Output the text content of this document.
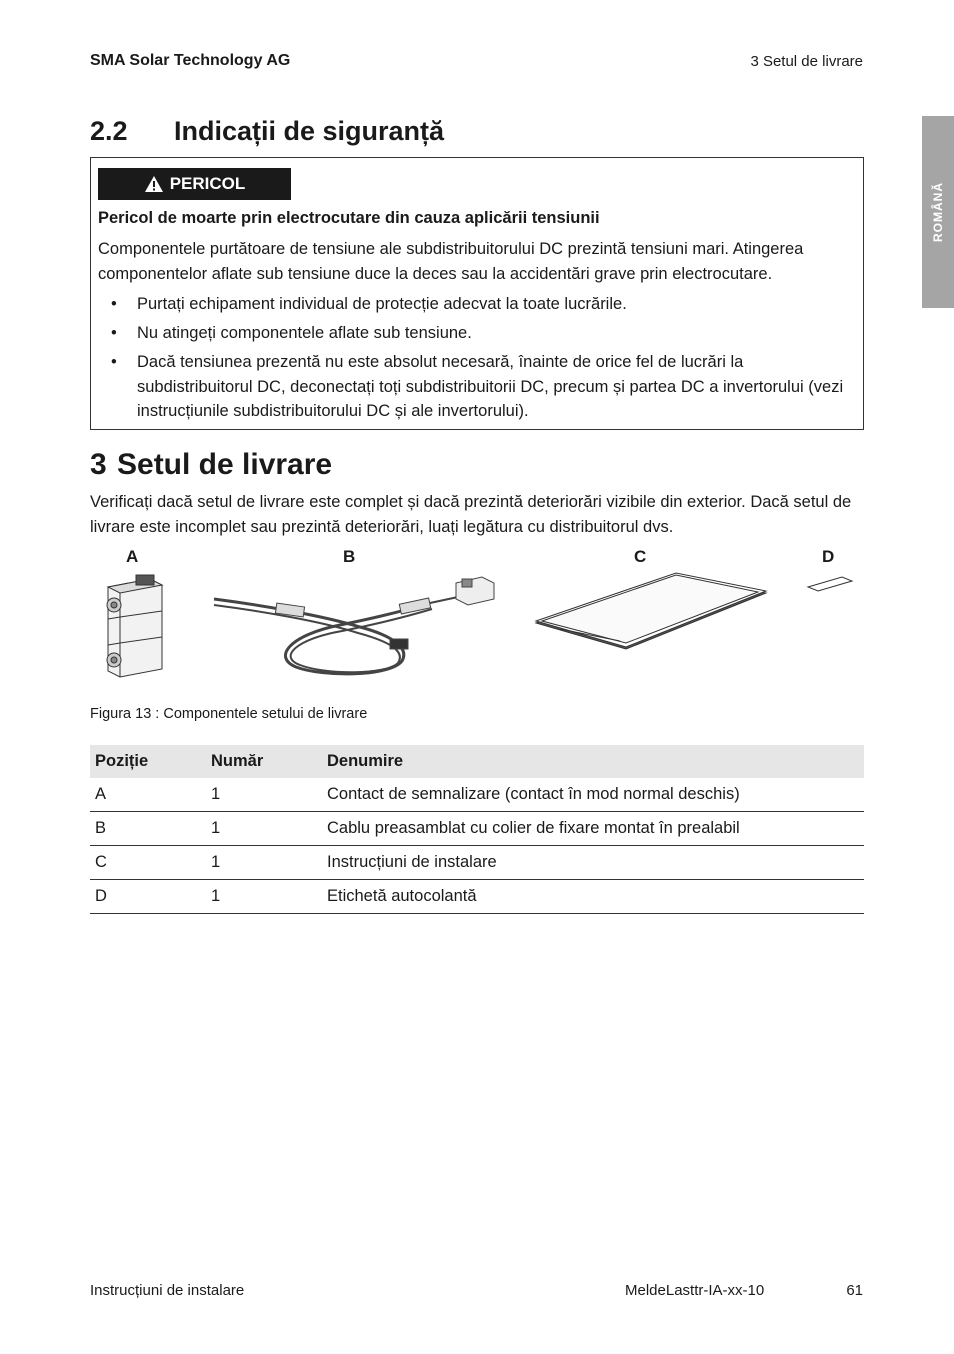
SMA Solar Technology AG	3 Setul de livrare
ROMÂNĂ
2.2 Indicații de siguranță
PERICOL
Pericol de moarte prin electrocutare din cauza aplicării tensiunii
Componentele purtătoare de tensiune ale subdistribuitorului DC prezintă tensiuni mari. Atingerea componentelor aflate sub tensiune duce la deces sau la accidentări grave prin electrocutare.
• Purtați echipament individual de protecție adecvat la toate lucrările.
• Nu atingeți componentele aflate sub tensiune.
• Dacă tensiunea prezentă nu este absolut necesară, înainte de orice fel de lucrări la subdistribuitorul DC, deconectați toți subdistribuitorii DC, precum și partea DC a invertorului (vezi instrucțiunile subdistribuitorului DC și ale invertorului).
3 Setul de livrare
Verificați dacă setul de livrare este complet și dacă prezintă deteriorări vizibile din exterior. Dacă setul de livrare este incomplet sau prezintă deteriorări, luați legătura cu distribuitorul dvs.
A	B	C	D
Figura 13 : Componentele setului de livrare
Poziție	Număr	Denumire
A	1	Contact de semnalizare (contact în mod normal deschis)
B	1	Cablu preasamblat cu colier de fixare montat în prealabil
C	1	Instrucțiuni de instalare
D	1	Etichetă autocolantă
Instrucțiuni de instalare	MeldeLasttr-IA-xx-10	61
